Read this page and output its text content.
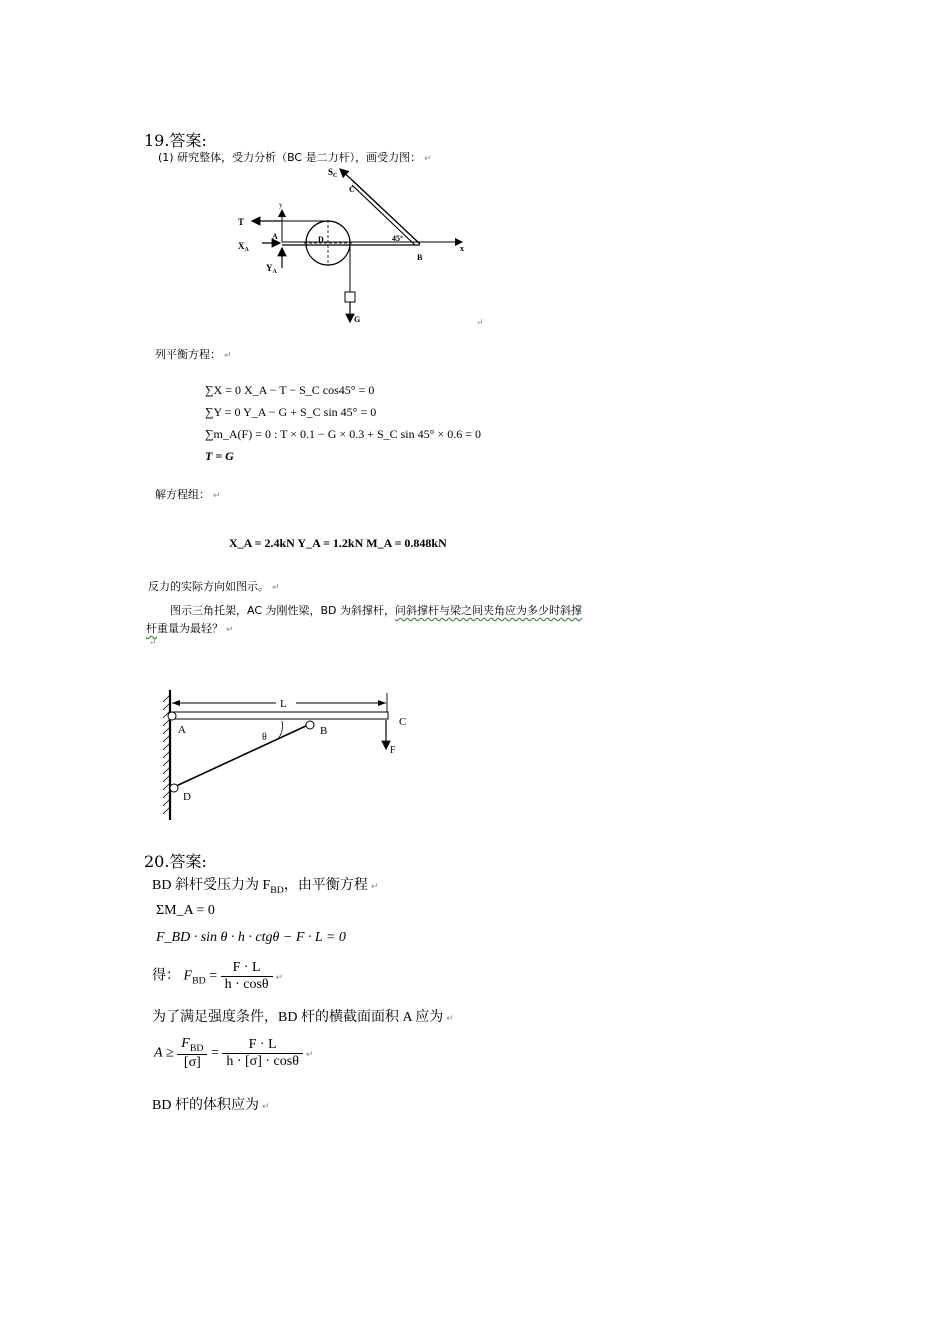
19.答案:
(1) 研究整体，受力分析（BC 是二力杆），画受力图： ↵
$S_C$
C
T
y
A
$X_A$
D
$Y_A$
45°
B
x
G	↵
列平衡方程： ↵
∑X = 0 X_A − T − S_C cos45° = 0
∑Y = 0 Y_A − G + S_C sin 45° = 0
∑m_A(F) = 0 : T × 0.1 − G × 0.3 + S_C sin 45° × 0.6 = 0
T = G
解方程组： ↵
X_A = 2.4kN Y_A = 1.2kN M_A = 0.848kN
反力的实际方向如图示。 ↵
图示三角托架，AC 为刚性梁，BD 为斜撑杆，问斜撑杆与梁之间夹角应为多少时斜撑
杆重量为最轻？ ↵
↵
L
C
A
θ
B
F
D
20.答案:
BD 斜杆受压力为 $F_{BD}$，由平衡方程 ↵
ΣM_A = 0
F_BD · sin θ · h · ctgθ − F · L = 0
得： $F_{BD} = \frac{F \cdot L}{h \cdot \cos\theta}$ ↵
为了满足强度条件，BD 杆的横截面面积 A 应为 ↵
$A \ge \frac{F_{BD}}{[\sigma]} = \frac{F \cdot L}{h \cdot [\sigma] \cdot \cos\theta}$ ↵
BD 杆的体积应为 ↵
